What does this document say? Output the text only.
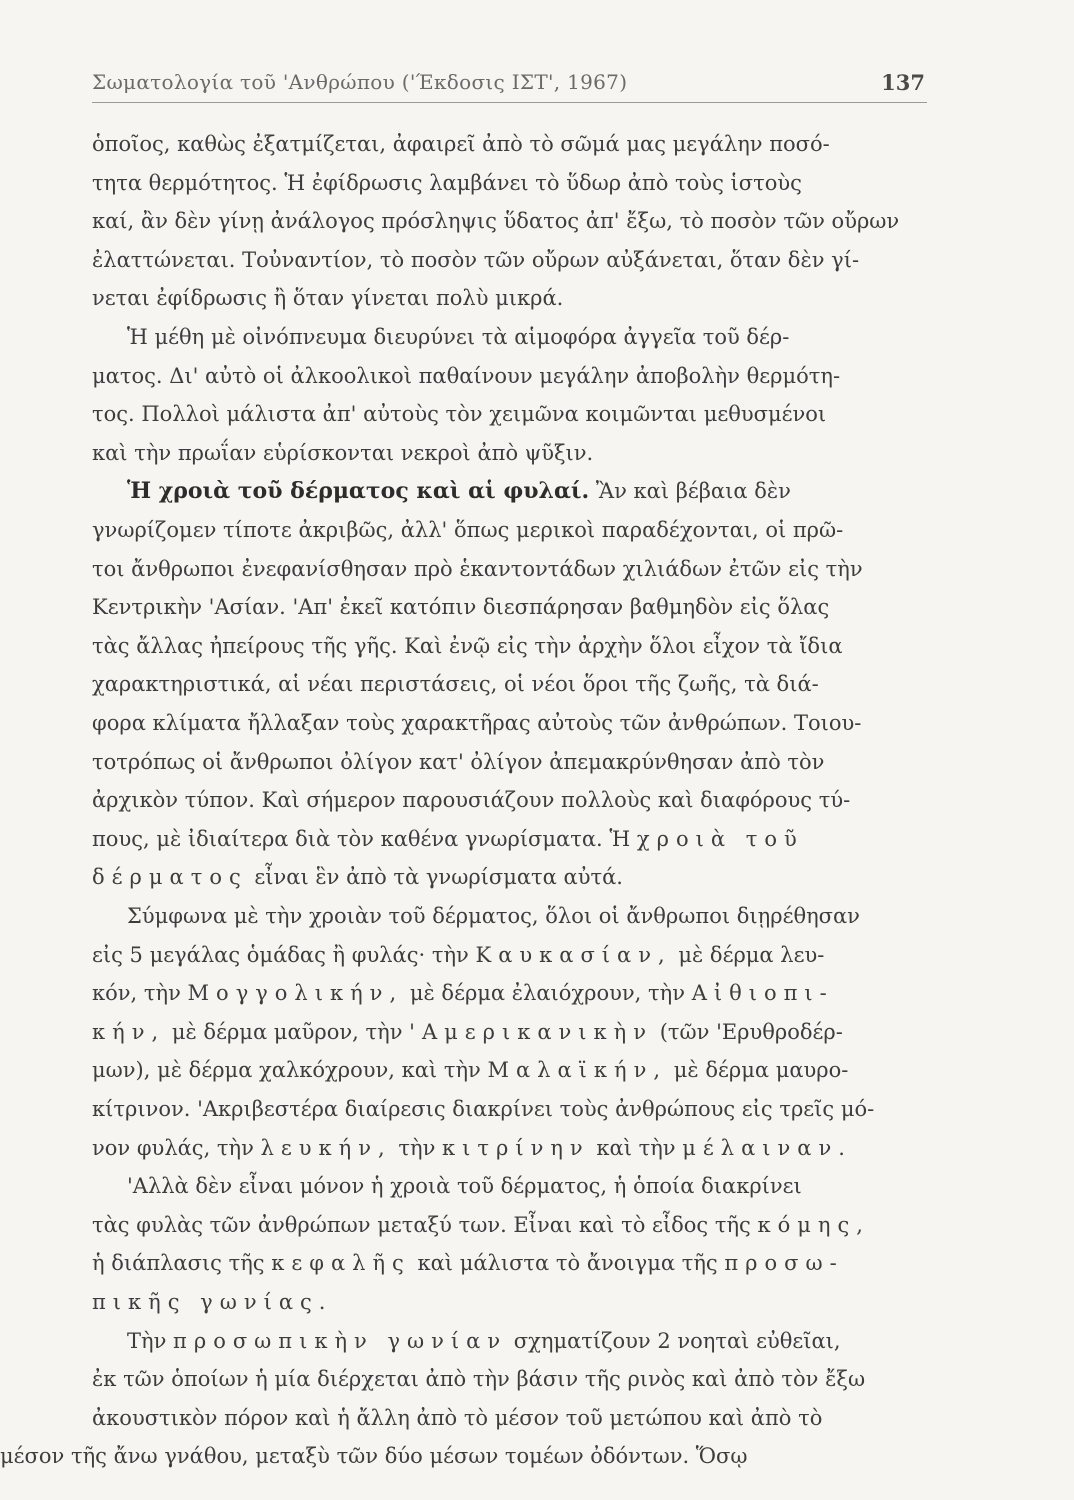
Σωματολογία τοῦ 'Ανθρώπου ('Έκδοσις ΙΣΤ', 1967)	137
ὁποῖος, καθὼς ἐξατμίζεται, ἀφαιρεῖ ἀπὸ τὸ σῶμά μας μεγάλην ποσό-
τητα θερμότητος. Ἡ ἐφίδρωσις λαμβάνει τὸ ὕδωρ ἀπὸ τοὺς ἱστοὺς
καί, ἂν δὲν γίνῃ ἀνάλογος πρόσληψις ὕδατος ἀπ' ἔξω, τὸ ποσὸν τῶν οὔρων
ἐλαττώνεται. Τοὐναντίον, τὸ ποσὸν τῶν οὔρων αὐξάνεται, ὅταν δὲν γί-
νεται ἐφίδρωσις ἢ ὅταν γίνεται πολὺ μικρά.
Ἡ μέθη μὲ οἰνόπνευμα διευρύνει τὰ αἱμοφόρα ἀγγεῖα τοῦ δέρ-
ματος. Δι' αὐτὸ οἱ ἀλκοολικοὶ παθαίνουν μεγάλην ἀποβολὴν θερμότη-
τος. Πολλοὶ μάλιστα ἀπ' αὐτοὺς τὸν χειμῶνα κοιμῶνται μεθυσμένοι
καὶ τὴν πρωΐαν εὑρίσκονται νεκροὶ ἀπὸ ψῦξιν.
Ἡ χροιὰ τοῦ δέρματος καὶ αἱ φυλαί. Ἂν καὶ βέβαια δὲν
γνωρίζομεν τίποτε ἀκριβῶς, ἀλλ' ὅπως μερικοὶ παραδέχονται, οἱ πρῶ-
τοι ἄνθρωποι ἐνεφανίσθησαν πρὸ ἑκαντοντάδων χιλιάδων ἐτῶν εἰς τὴν
Κεντρικὴν 'Ασίαν. 'Απ' ἐκεῖ κατόπιν διεσπάρησαν βαθμηδὸν εἰς ὅλας
τὰς ἄλλας ἠπείρους τῆς γῆς. Καὶ ἐνῷ εἰς τὴν ἀρχὴν ὅλοι εἶχον τὰ ἴδια
χαρακτηριστικά, αἱ νέαι περιστάσεις, οἱ νέοι ὅροι τῆς ζωῆς, τὰ διά-
φορα κλίματα ἤλλαξαν τοὺς χαρακτῆρας αὐτοὺς τῶν ἀνθρώπων. Τοιου-
τοτρόπως οἱ ἄνθρωποι ὀλίγον κατ' ὀλίγον ἀπεμακρύνθησαν ἀπὸ τὸν
ἀρχικὸν τύπον. Καὶ σήμερον παρουσιάζουν πολλοὺς καὶ διαφόρους τύ-
πους, μὲ ἰδιαίτερα διὰ τὸν καθένα γνωρίσματα. Ἡ χροιὰ τοῦ
δέρματος εἶναι ἓν ἀπὸ τὰ γνωρίσματα αὐτά.
Σύμφωνα μὲ τὴν χροιὰν τοῦ δέρματος, ὅλοι οἱ ἄνθρωποι διῃρέθησαν
εἰς 5 μεγάλας ὁμάδας ἢ φυλάς· τὴν Καυκασίαν, μὲ δέρμα λευ-
κόν, τὴν Μογγολικήν, μὲ δέρμα ἐλαιόχρουν, τὴν Αἰθιοπι-
κήν, μὲ δέρμα μαῦρον, τὴν 'Αμερικανικὴν (τῶν 'Ερυθροδέρ-
μων), μὲ δέρμα χαλκόχρουν, καὶ τὴν Μαλαϊκήν, μὲ δέρμα μαυρο-
κίτρινον. 'Ακριβεστέρα διαίρεσις διακρίνει τοὺς ἀνθρώπους εἰς τρεῖς μό-
νον φυλάς, τὴν λευκήν, τὴν κιτρίνην καὶ τὴν μέλαιναν.
'Αλλὰ δὲν εἶναι μόνον ἡ χροιὰ τοῦ δέρματος, ἡ ὁποία διακρίνει
τὰς φυλὰς τῶν ἀνθρώπων μεταξύ των. Εἶναι καὶ τὸ εἶδος τῆς κόμης,
ἡ διάπλασις τῆς κεφαλῆς καὶ μάλιστα τὸ ἄνοιγμα τῆς προσω-
πικῆς γωνίας.
Τὴν προσωπικὴν γωνίαν σχηματίζουν 2 νοηταὶ εὐθεῖαι,
ἐκ τῶν ὁποίων ἡ μία διέρχεται ἀπὸ τὴν βάσιν τῆς ρινὸς καὶ ἀπὸ τὸν ἔξω
ἀκουστικὸν πόρον καὶ ἡ ἄλλη ἀπὸ τὸ μέσον τοῦ μετώπου καὶ ἀπὸ τὸ
μέσον τῆς ἄνω γνάθου, μεταξὺ τῶν δύο μέσων τομέων ὀδόντων. Ὅσῳ
